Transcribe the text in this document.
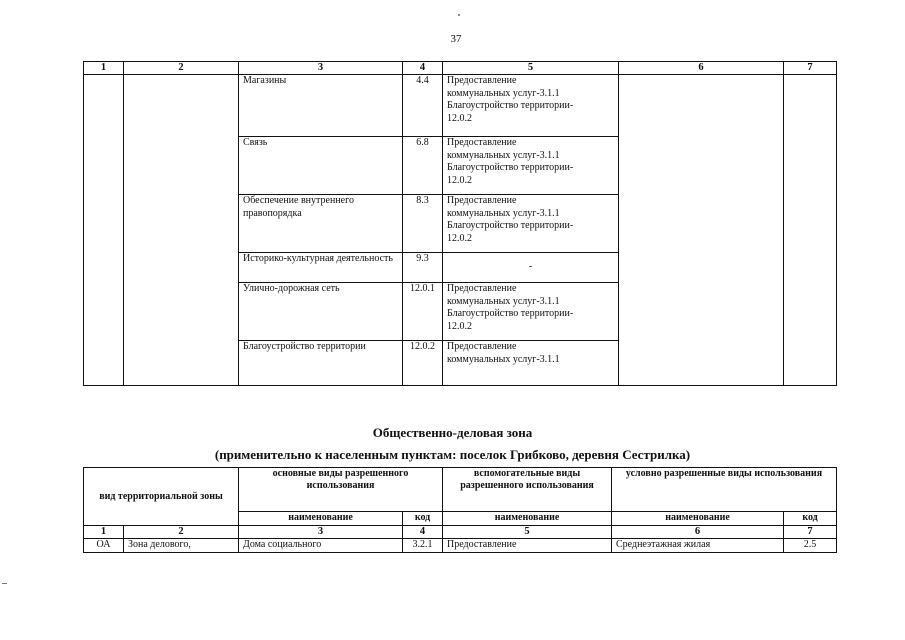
37
1	2	3	4	5	6	7
		Магазины	4.4	Предоставление
коммунальных услуг-3.1.1
Благоустройство территории-
12.0.2		

		Связь	6.8	Предоставление
коммунальных услуг-3.1.1
Благоустройство территории-
12.0.2		

		Обеспечение внутреннего правопорядка	8.3	Предоставление
коммунальных услуг-3.1.1
Благоустройство территории-
12.0.2		

		Историко-культурная деятельность	9.3	-		

		Улично-дорожная сеть	12.0.1	Предоставление
коммунальных услуг-3.1.1
Благоустройство территории-
12.0.2		

		Благоустройство территории	12.0.2	Предоставление
коммунальных услуг-3.1.1		
Общественно-деловая зона
(применительно к населенным пунктам: поселок Грибково, деревня Сестрилка)
вид территориальной зоны		основные виды разрешенного использования		вспомогательные виды разрешенного использования	условно разрешенные виды использования	
		наименование	код	наименование	наименование	код
1	2	3	4	5	6	7
ОА	Зона делового,	Дома социального	3.2.1	Предоставление	Среднеэтажная жилая	2.5
